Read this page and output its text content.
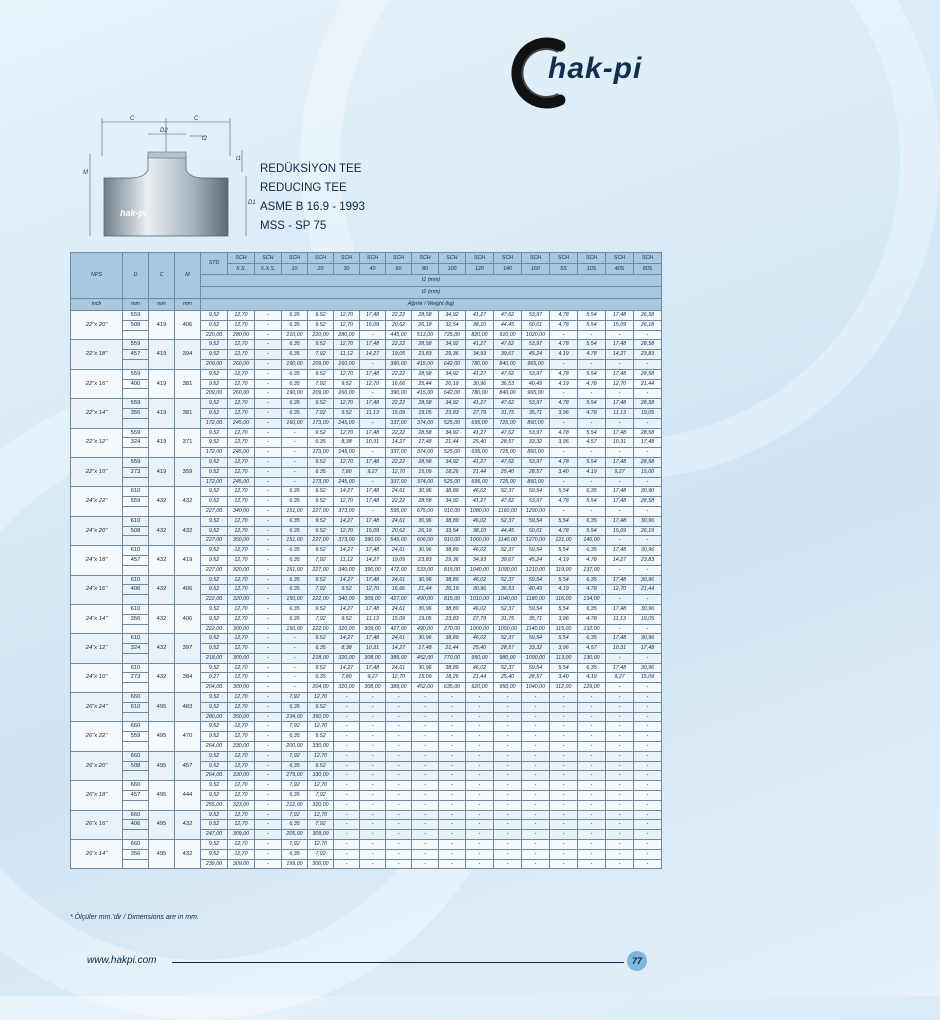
hak-pi
hak-pi
C	C
D2
t2
t1
M
D1
REDÜKSİYON TEE
REDUCING TEE
ASME B 16.9 - 1993
MSS - SP 75
NPS	D	C	M	STD	SCH	SCH	SCH	SCH	SCH	SCH	SCH	SCH	SCH	SCH	SCH	SCH	SCH	SCH	SCH	SCH
					X.S.	X.X.S.	10	20	30	40	60	80	100	120	140	160	5S	10S	40S	80S
				t1 (mm)																
				t2 (mm)																
inch	mm	mm	mm	Ağırlık / Weight (kg)																
22"x 20"	559	419	406	9.52	12,70	-	6.35	9.52	12,70	17,48	22,22	28,58	34,92	41,27	47,62	53,97	4.78	5.54	17,48	26,58
	508			9.52	12,70	-	6,35	9.52	12,70	15,09	20,62	26,18	32,54	38,10	44,45	50,01	4.78	5.54	15,09	26,18
				220,00	280,00	-	210,00	220,00	280,00	-	445,00	513,00	725,00	820,00	910,00	1020,00	-	-	-	-
22"x 18"	559	419	394	9.52	12,70	-	6.35	9.52	12,70	17,48	22,22	28,58	34,92	41,27	47,62	53,97	4.78	5.54	17,48	28,58
	457			9.52	12,70	-	6.35	7.92	11,12	14,27	19,05	23,83	29,36	34,93	39,67	45,24	4.19	4.78	14,27	23,83
				209,00	260,00	-	190,00	209,00	260,00	-	390,00	415,00	642,00	780,00	840,00	965,00	-	-	-	-
22"x 16"	559	419	381	9.52	12,70	-	6.35	9.52	12,70	17,48	22,22	28,58	34,92	41,27	47,62	53,97	4.78	5.54	17,48	28,58
	400			9.52	12,70	-	6.35	7.92	9.52	12,70	16,66	25,44	26,19	30,96	36,53	40,49	4.19	4.78	12,70	21,44
				209,00	260,00	-	190,00	209,00	260,00	-	390,00	415,00	642,00	780,00	840,00	965,00	-	-	-	-
22"x 14"	559	419	381	9.52	12,70	-	6.35	9.52	12,70	17,48	22,22	28,58	34,92	41,27	47,62	53,97	4.78	5.54	17,48	28,58
	356			9.52	12,70	-	6.35	7.92	9.52	11,13	15,09	19,05	23,83	27,79	31,75	35,71	3,96	4.78	11,13	19,05
				172,00	245,00	-	160,00	173,00	245,00	-	337,00	374,00	525,00	695,00	725,00	860,00	-	-	-	-
22"x 12"	559	419	371	9.52	12,70	-	-	9.52	12,70	17,48	22,22	28,58	34,92	41,27	47,62	53,97	4.78	5.54	17,48	28,58
	324			9.52	12,70	-	-	6.35	8,38	10,31	14,27	17,48	21,44	25,40	28,57	33,32	3,96	4.57	10,31	17,48
				172,00	245,00	-	-	173,00	245,00	-	337,00	374,00	525,00	695,00	725,00	860,00	-	-	-	-
22"x 10"	559	419	359	9.52	12,70	-	-	9.52	12,70	17,48	22,22	28,58	34,92	41,27	47,62	53,97	4.78	5.54	17,48	28,58
	273			9.52	12,70	-	-	6.35	7,80	9,27	12,70	15,09	18,26	21,44	25,40	28,57	3,40	4.19	9,27	15,00
				172,00	245,00	-	-	173,00	245,00	-	337,00	374,00	525,00	695,00	725,00	860,00	-	-	-	-
24"x 22"	610	432	432	9.52	12,70	-	6.35	9.52	14,27	17,48	24,61	30,96	38,89	46,02	52,37	59,54	5,54	6,35	17,48	30,90
	559			9.52	12,70	-	6.35	9.52	12,70	17,48	22,22	28,58	34,92	41,27	47,62	53,97	4.78	5.54	17,48	28,58
				227,00	340,00	-	151,00	227,00	373,00	-	595,00	675,00	910,00	1080,00	1160,00	1290,00	-	-	-	-
24"x 20"	610	432	432	9.52	12,70	-	6.35	9.52	14,27	17,48	24,61	30,96	38,89	46,02	52,37	59,54	5,54	6,35	17,48	30,96
	508			9.52	12,70	-	6.35	9.52	12,70	15,09	20,62	26,19	33,54	38,10	44,45	50,01	4.78	5.54	15,09	26,19
				227,00	350,00	-	151,00	227,00	373,00	390,00	545,00	606,00	910,00	1060,00	1140,00	1270,00	121,00	140,00	-	-
24"x 18"	610	432	419	9.52	12,70	-	6.35	9.52	14,27	17,48	24,61	30,96	38,89	46,02	52,37	59,54	5,54	6,35	17,48	30,96
	457			9.52	12,70	-	6.35	7,92	11,12	14,27	19,05	23,83	29,36	34,93	39,67	45,24	4.19	4.78	14,27	23,83
				227,00	320,00	-	151,00	227,00	340,00	390,00	472,00	533,00	815,00	1040,00	1090,00	1210,00	119,00	137,00	-	-
24"x 16"	610	432	406	9.52	12,70	-	6.35	9.52	14,27	17,48	24,61	30,96	38,89	46,02	52,37	59,54	5,54	6,35	17,48	30,96
	406			9.52	12,70	-	6.35	7,92	9.52	12,70	16,66	21,44	26,19	30,96	36,53	40,49	4.19	4.78	12,70	21,44
				222,00	320,00	-	150,00	222,00	340,00	309,00	427,00	490,00	815,00	1010,00	1040,00	1180,00	116,00	134,00	-	-
24"x 14"	610	432	406	9.52	12,70	-	6.35	9.52	14,27	17,48	24,61	30,96	38,89	46,02	52,37	59,54	5,54	6,35	17,48	30,96
	356			9.52	12,70	-	6.35	7,92	9.52	11,13	15,09	19,05	23,83	27,79	31,75	35,71	3,96	4.78	11,13	19,05
				222,00	300,00	-	150,00	222,00	320,00	309,00	427,00	490,00	270,00	1000,00	1050,00	1140,00	115,00	132,00	-	-
24"x 12"	610	432	397	9.52	12,70	-	-	9.52	14,27	17,48	24,61	30,96	38,89	46,02	52,37	59,54	5,54	6,35	17,48	30,96
	324			9.52	12,70	-	-	6,35	8,38	10,31	14,27	17,48	21,44	25,40	28,57	33,32	3,96	4,57	10,31	17,48
				218,00	300,00	-	-	218,00	320,00	308,00	389,00	452,00	770,00	950,00	980,00	1090,00	113,00	130,00	-	-
24"x 10"	610	432	384	9.52	12,70	-	-	9.52	14,27	17,48	24,61	30,96	38,89	46,02	52,37	59,54	5,54	6,35	17,48	30,96
	273			9,27	12,70	-	-	6,35	7,80	9,27	12,70	15,09	18,26	21,44	25,40	28,57	3,40	4,19	9,27	15,09
				204,00	300,00	-	-	204,00	320,00	308,00	389,00	452,00	635,00	920,00	950,00	1040,00	112,00	129,00	-	-
26"x 24"	660	495	483	9.52	12,70	-	7,92	12,70	-	-	-	-	-	-	-	-	-	-	-	-
	610			9.52	12,70	-	6,35	9.52	-	-	-	-	-	-	-	-	-	-	-	-
				280,00	350,00	-	234,00	350,00	-	-	-	-	-	-	-	-	-	-	-	-
26"x 22"	660	495	470	9.52	12,70	-	7,92	12,70	-	-	-	-	-	-	-	-	-	-	-	-
	559			9.52	12,70	-	6,35	9.52	-	-	-	-	-	-	-	-	-	-	-	-
				264,00	330,00	-	200,00	330,00	-	-	-	-	-	-	-	-	-	-	-	-
26"x 20"	660	495	457	9.52	12,70	-	7,92	12,70	-	-	-	-	-	-	-	-	-	-	-	-
	508			9.52	12,70	-	6,35	9.52	-	-	-	-	-	-	-	-	-	-	-	-
				264,00	330,00	-	279,00	330,00	-	-	-	-	-	-	-	-	-	-	-	-
26"x 18"	660	495	444	9.52	12,70	-	7,92	12,70	-	-	-	-	-	-	-	-	-	-	-	-
	457			9.52	12,70	-	6,35	7,92	-	-	-	-	-	-	-	-	-	-	-	-
				255,00	323,00	-	212,00	320,00	-	-	-	-	-	-	-	-	-	-	-	-
26"x 16"	660	495	432	9.52	12,70	-	7,92	12,70	-	-	-	-	-	-	-	-	-	-	-	-
	406			9.52	12,70	-	6,35	7,92	-	-	-	-	-	-	-	-	-	-	-	-
				247,00	309,00	-	205,00	309,00	-	-	-	-	-	-	-	-	-	-	-	-
26"x 14"	660	495	432	9.52	12,70	-	7,92	12,70	-	-	-	-	-	-	-	-	-	-	-	-
	356			9.52	12,70	-	6,35	7,92	-	-	-	-	-	-	-	-	-	-	-	-
				239,00	309,00	-	199,00	300,00	-	-	-	-	-	-	-	-	-	-	-	-
* Ölçüler mm.'dir / Dimensions are in mm.
www.hakpi.com	77
